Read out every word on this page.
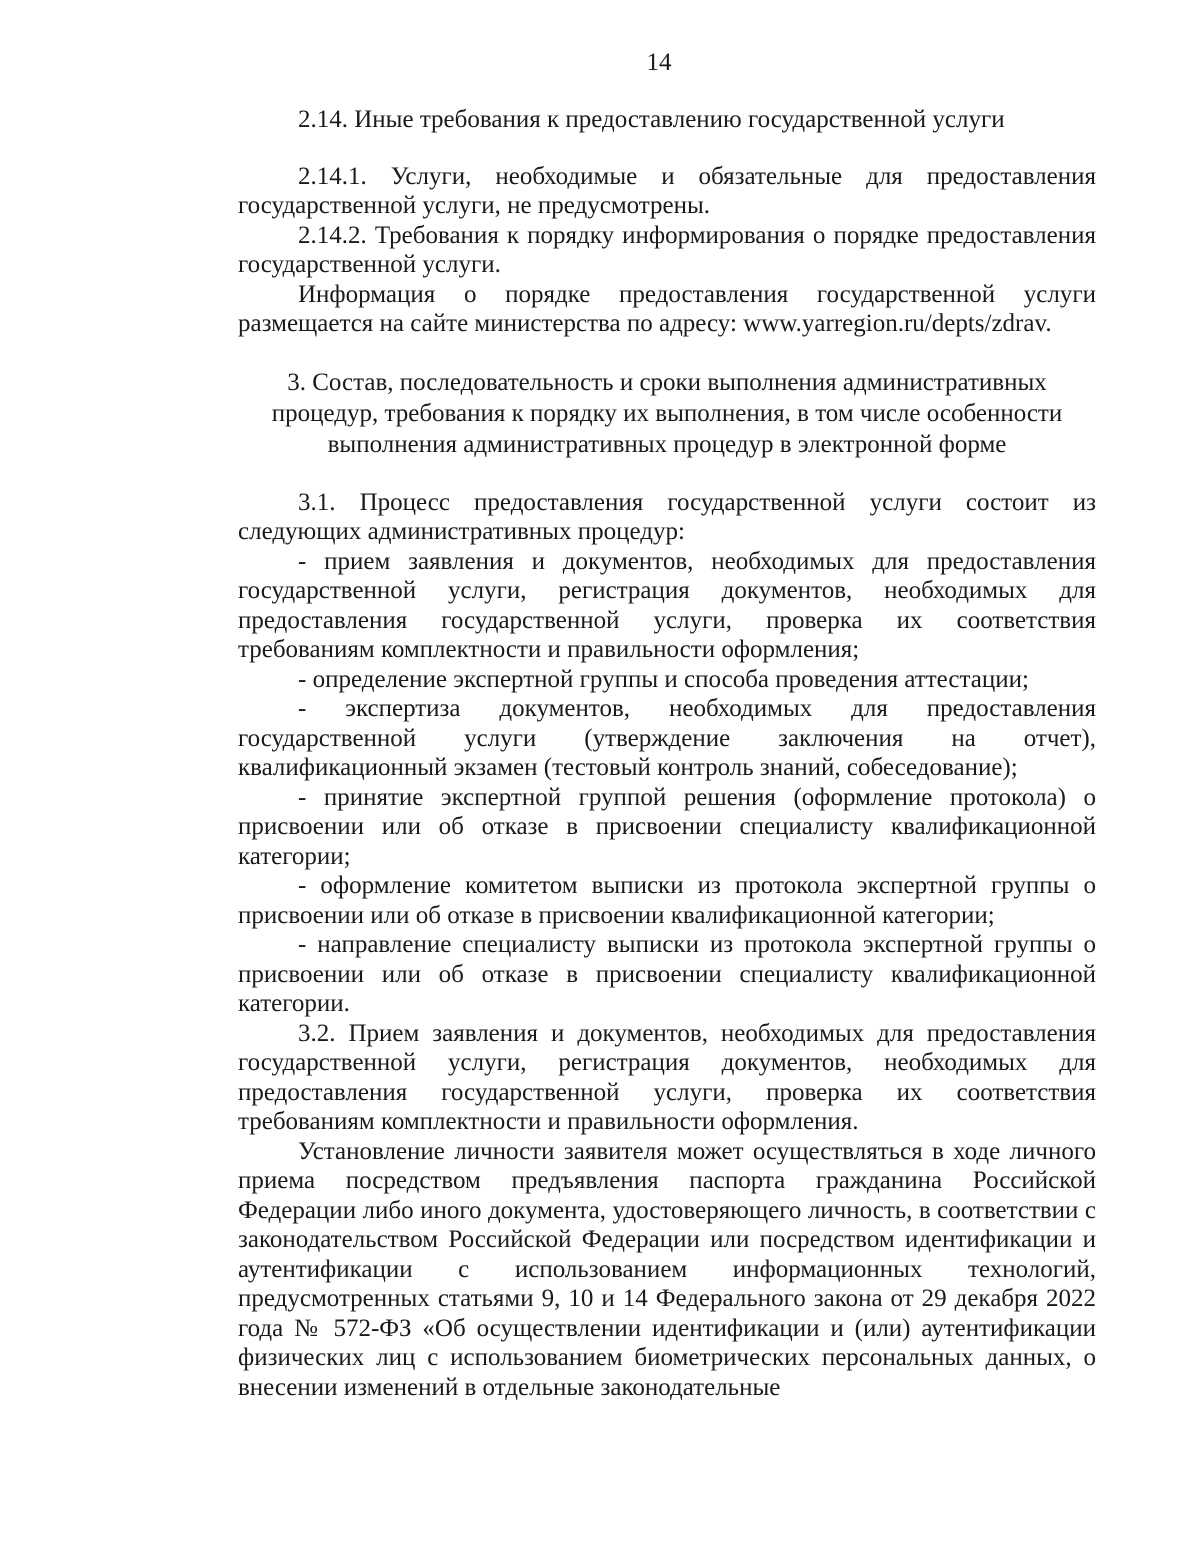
14

2.14. Иные требования к предоставлению государственной услуги

2.14.1. Услуги, необходимые и обязательные для предоставления государственной услуги, не предусмотрены.

2.14.2. Требования к порядку информирования о порядке предоставления государственной услуги.

Информация о порядке предоставления государственной услуги размещается на сайте министерства по адресу: www.yarregion.ru/depts/zdrav.

3. Состав, последовательность и сроки выполнения административных

процедур, требования к порядку их выполнения, в том числе особенности

выполнения административных процедур в электронной форме

3.1. Процесс предоставления государственной услуги состоит из следующих административных процедур:

- прием заявления и документов, необходимых для предоставления государственной услуги, регистрация документов, необходимых для предоставления государственной услуги, проверка их соответствия требованиям комплектности и правильности оформления;

- определение экспертной группы и способа проведения аттестации;

- экспертиза документов, необходимых для предоставления государственной услуги (утверждение заключения на отчет), квалификационный экзамен (тестовый контроль знаний, собеседование);

- принятие экспертной группой решения (оформление протокола) о присвоении или об отказе в присвоении специалисту квалификационной категории;

- оформление комитетом выписки из протокола экспертной группы о присвоении или об отказе в присвоении квалификационной категории;

- направление специалисту выписки из протокола экспертной группы о присвоении или об отказе в присвоении специалисту квалификационной категории.

3.2. Прием заявления и документов, необходимых для предоставления государственной услуги, регистрация документов, необходимых для предоставления государственной услуги, проверка их соответствия требованиям комплектности и правильности оформления.

Установление личности заявителя может осуществляться в ходе личного приема посредством предъявления паспорта гражданина Российской Федерации либо иного документа, удостоверяющего личность, в соответствии с законодательством Российской Федерации или посредством идентификации и аутентификации с использованием информационных технологий, предусмотренных статьями 9, 10 и 14 Федерального закона от 29 декабря 2022 года № 572-ФЗ «Об осуществлении идентификации и (или) аутентификации физических лиц с использованием биометрических персональных данных, о внесении изменений в отдельные законодательные
